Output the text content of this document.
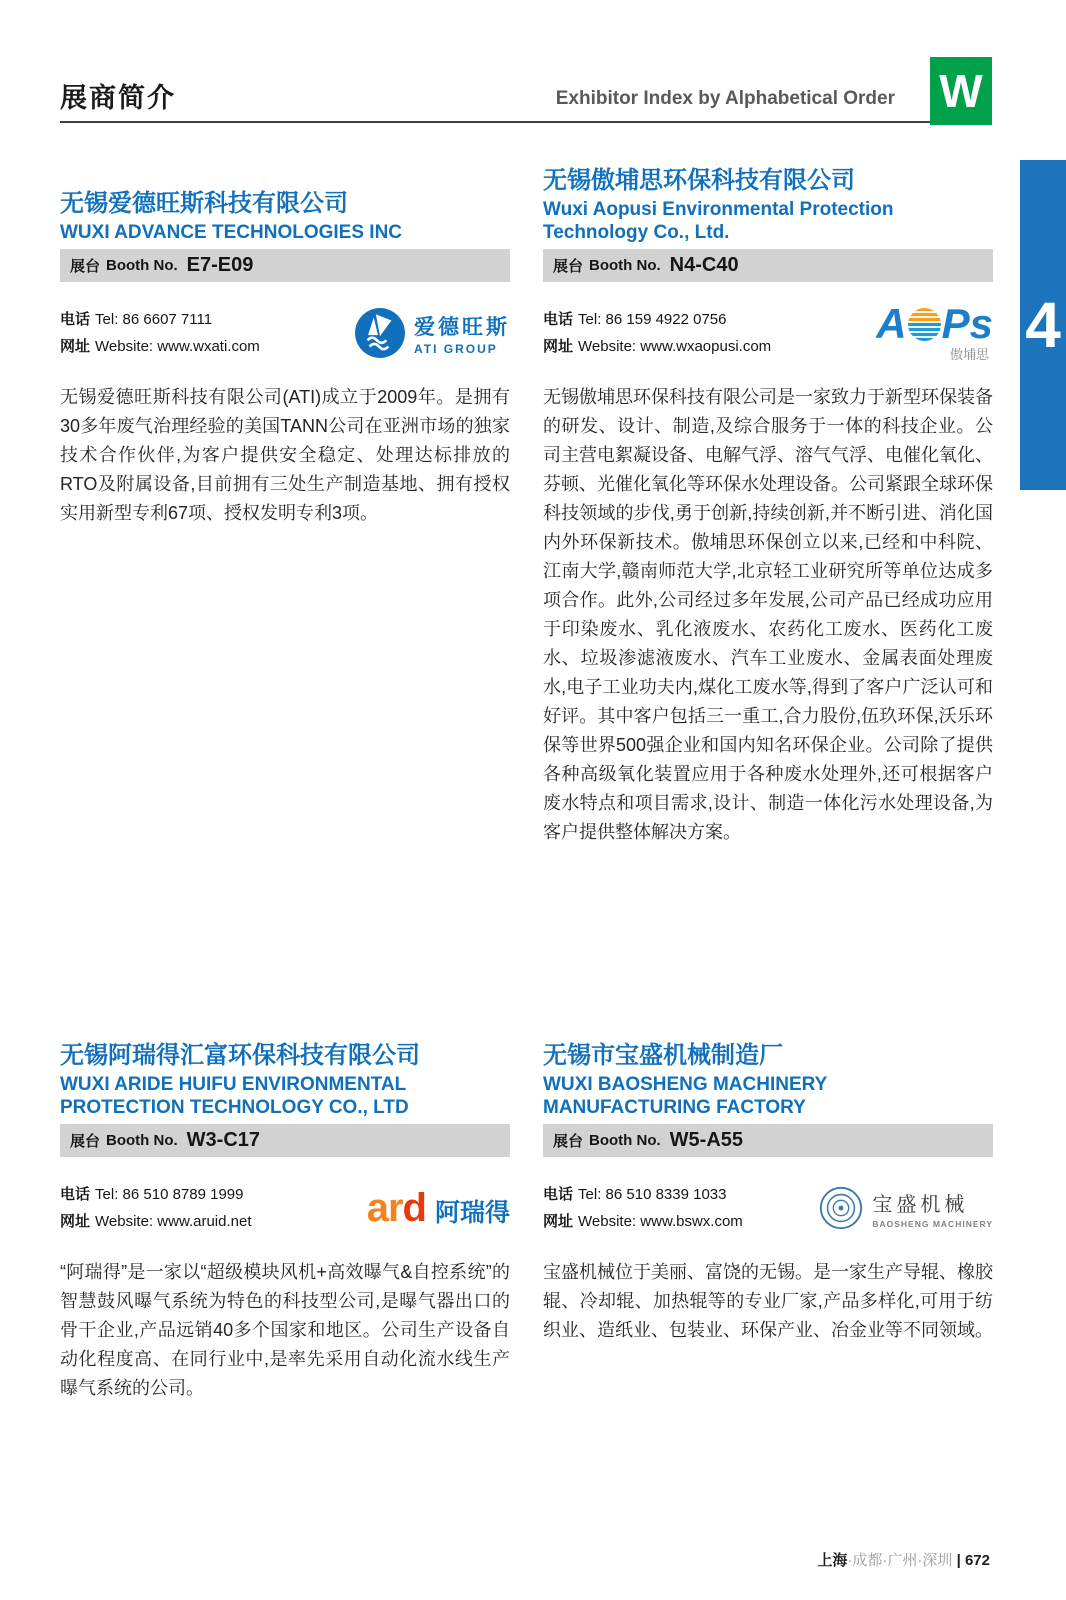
展商简介	Exhibitor Index by Alphabetical Order W
4
无锡爱德旺斯科技有限公司
WUXI ADVANCE TECHNOLOGIES INC
展台 Booth No. E7-E09
电话 Tel: 86 6607 7111
网址 Website: www.wxati.com
爱德旺斯
ATI GROUP

无锡爱德旺斯科技有限公司(ATI)成立于2009年。是拥有30多年废气治理经验的美国TANN公司在亚洲市场的独家技术合作伙伴,为客户提供安全稳定、处理达标排放的RTO及附属设备,目前拥有三处生产制造基地、拥有授权实用新型专利67项、授权发明专利3项。

无锡傲埔思环保科技有限公司
Wuxi Aopusi Environmental Protection Technology Co., Ltd.
展台 Booth No. N4-C40
电话 Tel: 86 159 4922 0756
网址 Website: www.wxaopusi.com	A Ps
傲埔思

无锡傲埔思环保科技有限公司是一家致力于新型环保装备的研发、设计、制造,及综合服务于一体的科技企业。公司主营电絮凝设备、电解气浮、溶气气浮、电催化氧化、芬顿、光催化氧化等环保水处理设备。公司紧跟全球环保科技领域的步伐,勇于创新,持续创新,并不断引进、消化国内外环保新技术。傲埔思环保创立以来,已经和中科院、江南大学,赣南师范大学,北京轻工业研究所等单位达成多项合作。此外,公司经过多年发展,公司产品已经成功应用于印染废水、乳化液废水、农药化工废水、医药化工废水、垃圾渗滤液废水、汽车工业废水、金属表面处理废水,电子工业功夫内,煤化工废水等,得到了客户广泛认可和好评。其中客户包括三一重工,合力股份,伍玖环保,沃乐环保等世界500强企业和国内知名环保企业。公司除了提供各种高级氧化装置应用于各种废水处理外,还可根据客户废水特点和项目需求,设计、制造一体化污水处理设备,为客户提供整体解决方案。

无锡阿瑞得汇富环保科技有限公司
WUXI ARIDE HUIFU ENVIRONMENTAL PROTECTION TECHNOLOGY CO., LTD
展台 Booth No. W3-C17
电话 Tel: 86 510 8789 1999
网址 Website: www.aruid.net	ar d 阿瑞得

“阿瑞得”是一家以“超级模块风机+高效曝气&自控系统”的智慧鼓风曝气系统为特色的科技型公司,是曝气器出口的骨干企业,产品远销40多个国家和地区。公司生产设备自动化程度高、在同行业中,是率先采用自动化流水线生产曝气系统的公司。

无锡市宝盛机械制造厂
WUXI BAOSHENG MACHINERY MANUFACTURING FACTORY
展台 Booth No. W5-A55
电话 Tel: 86 510 8339 1033
网址 Website: www.bswx.com
宝盛机械
BAOSHENG MACHINERY

宝盛机械位于美丽、富饶的无锡。是一家生产导辊、橡胶辊、冷却辊、加热辊等的专业厂家,产品多样化,可用于纺织业、造纸业、包装业、环保产业、冶金业等不同领域。

上海·成都·广州·深圳 | 672
